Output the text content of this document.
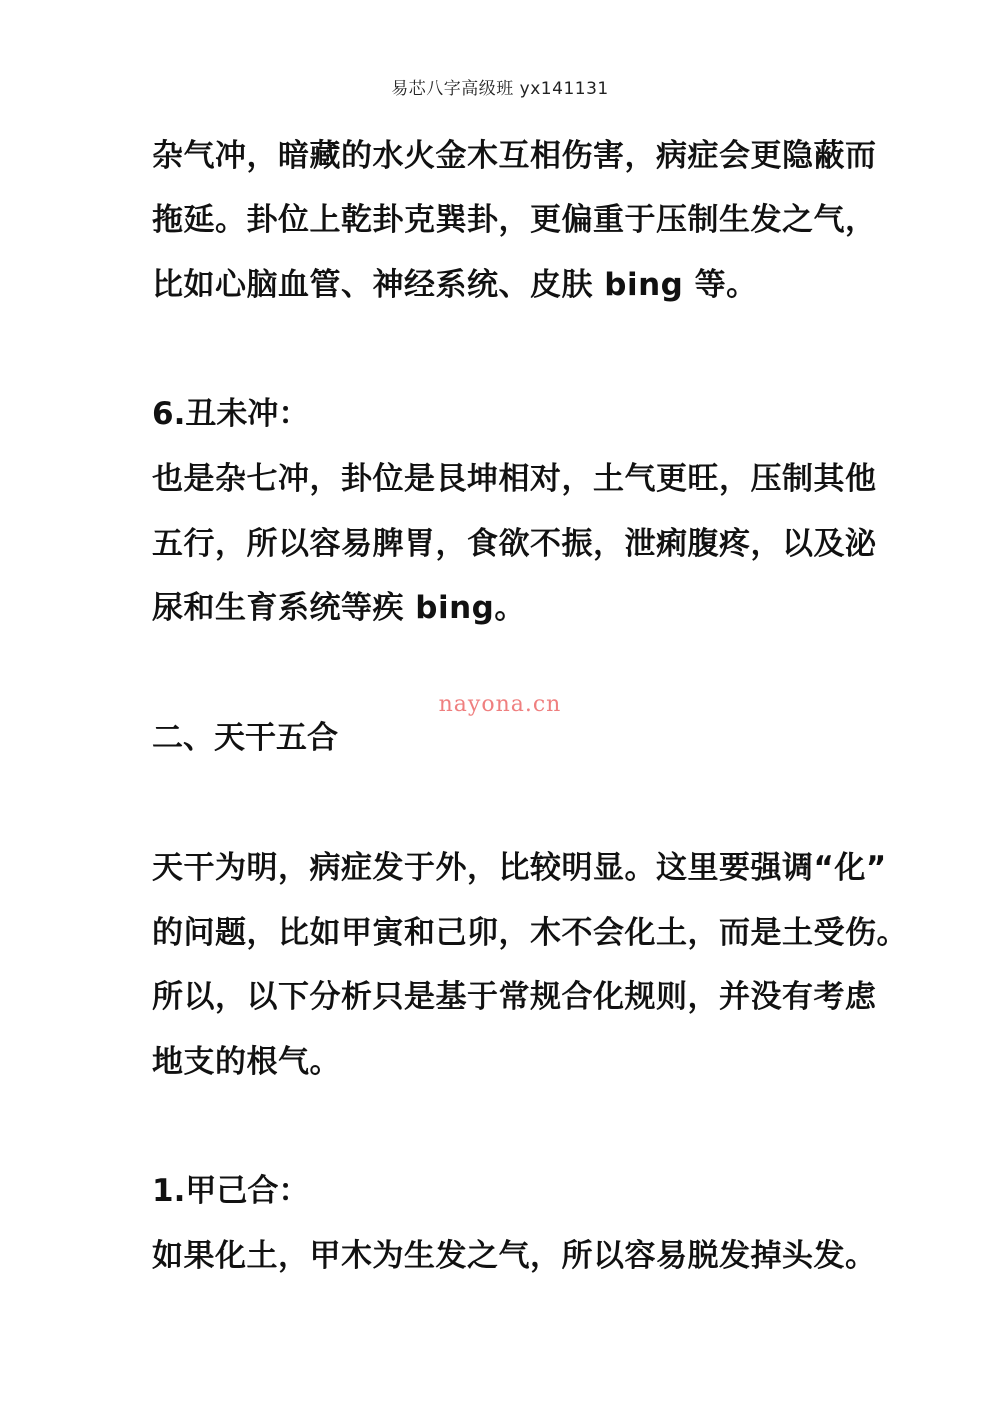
易芯八字高级班 yx141131
杂气冲，暗藏的水火金木互相伤害，病症会更隐蔽而
拖延。卦位上乾卦克巽卦，更偏重于压制生发之气，
比如心脑血管、神经系统、皮肤 bing 等。
6.丑未冲：
也是杂七冲，卦位是艮坤相对，土气更旺，压制其他
五行，所以容易脾胃，食欲不振，泄痢腹疼，以及泌
尿和生育系统等疾 bing。
二、天干五合
天干为明，病症发于外，比较明显。这里要强调“化”
的问题，比如甲寅和己卯，木不会化土，而是土受伤。
所以，以下分析只是基于常规合化规则，并没有考虑
地支的根气。
1.甲己合：
如果化土，甲木为生发之气，所以容易脱发掉头发。
nayona.cn
